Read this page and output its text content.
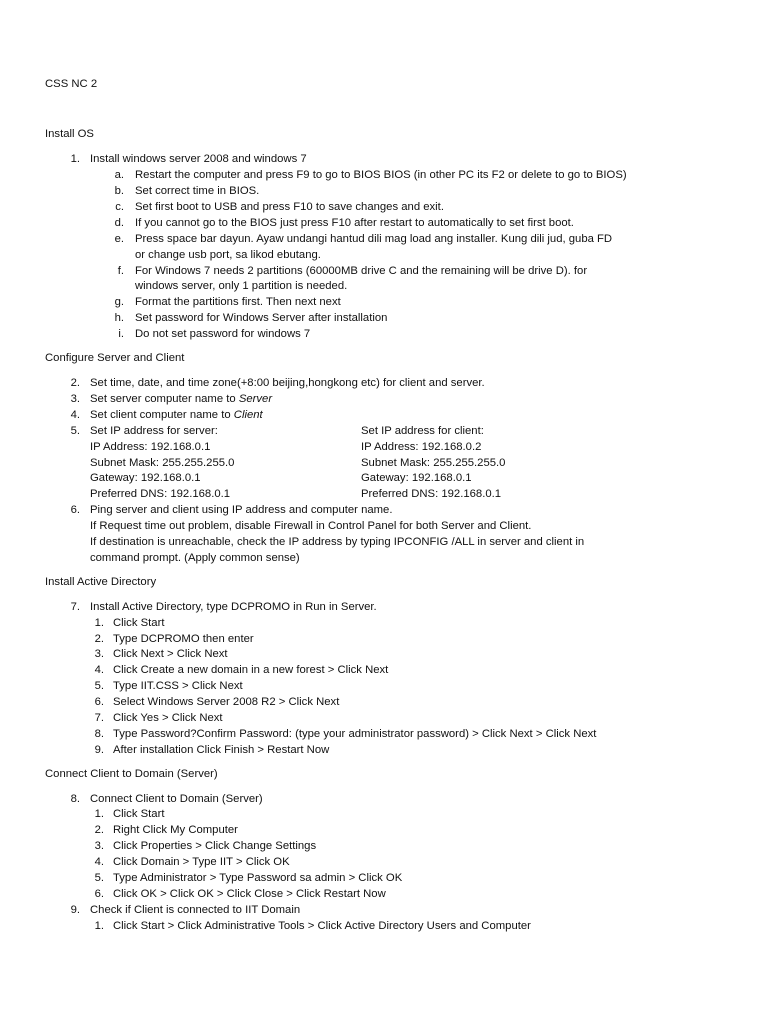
CSS NC 2
Install OS
1. Install windows server 2008 and windows 7
a. Restart the computer and press F9 to go to BIOS BIOS (in other PC its F2 or delete to go to BIOS)
b. Set correct time in BIOS.
c. Set first boot to USB and press F10 to save changes and exit.
d. If you cannot go to the BIOS just press F10 after restart to automatically to set first boot.
e. Press space bar dayun. Ayaw undangi hantud dili mag load ang installer. Kung dili jud, guba FD
or change usb port, sa likod ebutang.
f. For Windows 7 needs 2 partitions (60000MB drive C and the remaining will be drive D). for
windows server, only 1 partition is needed.
g. Format the partitions first. Then next next
h. Set password for Windows Server after installation
i. Do not set password for windows 7
Configure Server and Client
2. Set time, date, and time zone(+8:00 beijing,hongkong etc) for client and server.
3. Set server computer name to Server
4. Set client computer name to Client
5. Set IP address for server:
IP Address: 192.168.0.1
Subnet Mask: 255.255.255.0
Gateway: 192.168.0.1
Preferred DNS: 192.168.0.1
Set IP address for client:
IP Address: 192.168.0.2
Subnet Mask: 255.255.255.0
Gateway: 192.168.0.1
Preferred DNS: 192.168.0.1
6. Ping server and client using IP address and computer name.
If Request time out problem, disable Firewall in Control Panel for both Server and Client.
If destination is unreachable, check the IP address by typing IPCONFIG /ALL in server and client in
command prompt. (Apply common sense)
Install Active Directory
7. Install Active Directory, type DCPROMO in Run in Server.
1. Click Start
2. Type DCPROMO then enter
3. Click Next > Click Next
4. Click Create a new domain in a new forest > Click Next
5. Type IIT.CSS > Click Next
6. Select Windows Server 2008 R2 > Click Next
7. Click Yes > Click Next
8. Type Password?Confirm Password: (type your administrator password) > Click Next > Click Next
9. After installation Click Finish > Restart Now
Connect Client to Domain (Server)
8. Connect Client to Domain (Server)
1. Click Start
2. Right Click My Computer
3. Click Properties > Click Change Settings
4. Click Domain > Type IIT > Click OK
5. Type Administrator > Type Password sa admin > Click OK
6. Click OK > Click OK > Click Close > Click Restart Now
9. Check if Client is connected to IIT Domain
1. Click Start > Click Administrative Tools > Click Active Directory Users and Computer
